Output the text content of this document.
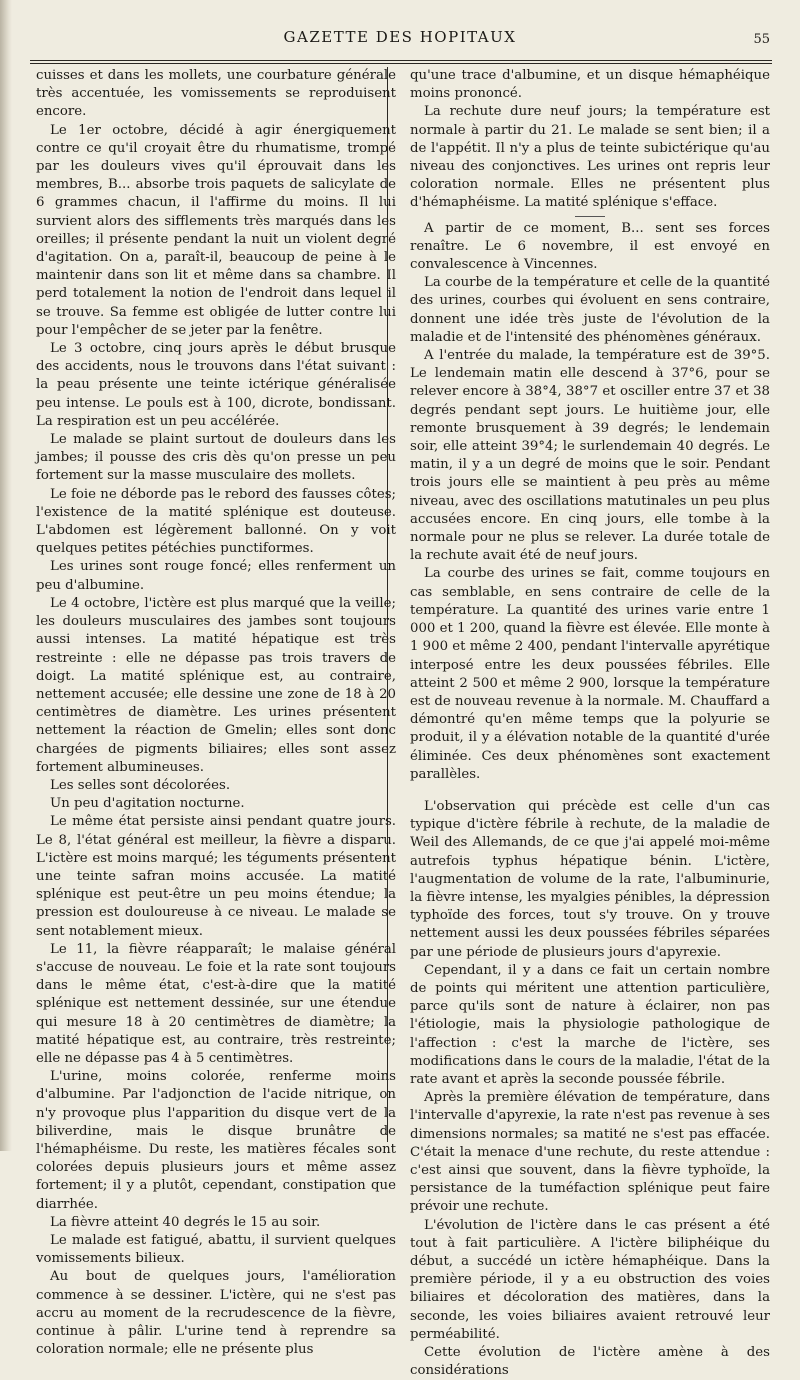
GAZETTE DES HOPITAUX	55

cuisses et dans les mollets, une courbature générale très accentuée, les vomissements se reproduisent encore.

Le 1er octobre, décidé à agir énergiquement contre ce qu'il croyait être du rhumatisme, trompé par les douleurs vives qu'il éprouvait dans les membres, B... absorbe trois paquets de salicylate de 6 grammes chacun, il l'affirme du moins. Il lui survient alors des sifflements très marqués dans les oreilles; il présente pendant la nuit un violent degré d'agitation. On a, paraît-il, beaucoup de peine à le maintenir dans son lit et même dans sa chambre. Il perd totalement la notion de l'endroit dans lequel il se trouve. Sa femme est obligée de lutter contre lui pour l'empêcher de se jeter par la fenêtre.

Le 3 octobre, cinq jours après le début brusque des accidents, nous le trouvons dans l'état suivant : la peau présente une teinte ictérique généralisée peu intense. Le pouls est à 100, dicrote, bondissant. La respiration est un peu accélérée.

Le malade se plaint surtout de douleurs dans les jambes; il pousse des cris dès qu'on presse un peu fortement sur la masse musculaire des mollets.

Le foie ne déborde pas le rebord des fausses côtes; l'existence de la matité splénique est douteuse. L'abdomen est légèrement ballonné. On y voit quelques petites pétéchies punctiformes.

Les urines sont rouge foncé; elles renferment un peu d'albumine.

Le 4 octobre, l'ictère est plus marqué que la veille; les douleurs musculaires des jambes sont toujours aussi intenses. La matité hépatique est très restreinte : elle ne dépasse pas trois travers de doigt. La matité splénique est, au contraire, nettement accusée; elle dessine une zone de 18 à 20 centimètres de diamètre. Les urines présentent nettement la réaction de Gmelin; elles sont donc chargées de pigments biliaires; elles sont assez fortement albumineuses.

Les selles sont décolorées.

Un peu d'agitation nocturne.

Le même état persiste ainsi pendant quatre jours. Le 8, l'état général est meilleur, la fièvre a disparu. L'ictère est moins marqué; les téguments présentent une teinte safran moins accusée. La matité splénique est peut-être un peu moins étendue; la pression est douloureuse à ce niveau. Le malade se sent notablement mieux.

Le 11, la fièvre réapparaît; le malaise général s'accuse de nouveau. Le foie et la rate sont toujours dans le même état, c'est-à-dire que la matité splénique est nettement dessinée, sur une étendue qui mesure 18 à 20 centimètres de diamètre; la matité hépatique est, au contraire, très restreinte; elle ne dépasse pas 4 à 5 centimètres.

L'urine, moins colorée, renferme moins d'albumine. Par l'adjonction de l'acide nitrique, on n'y provoque plus l'apparition du disque vert de la biliverdine, mais le disque brunâtre de l'hémaphéisme. Du reste, les matières fécales sont colorées depuis plusieurs jours et même assez fortement; il y a plutôt, cependant, constipation que diarrhée.

La fièvre atteint 40 degrés le 15 au soir.

Le malade est fatigué, abattu, il survient quelques vomissements bilieux.

Au bout de quelques jours, l'amélioration commence à se dessiner. L'ictère, qui ne s'est pas accru au moment de la recrudescence de la fièvre, continue à pâlir. L'urine tend à reprendre sa coloration normale; elle ne présente plus

qu'une trace d'albumine, et un disque hémaphéique moins prononcé.

La rechute dure neuf jours; la température est normale à partir du 21. Le malade se sent bien; il a de l'appétit. Il n'y a plus de teinte subictérique qu'au niveau des conjonctives. Les urines ont repris leur coloration normale. Elles ne présentent plus d'hémaphéisme. La matité splénique s'efface.

A partir de ce moment, B... sent ses forces renaître. Le 6 novembre, il est envoyé en convalescence à Vincennes.

La courbe de la température et celle de la quantité des urines, courbes qui évoluent en sens contraire, donnent une idée très juste de l'évolution de la maladie et de l'intensité des phénomènes généraux.

A l'entrée du malade, la température est de 39°5. Le lendemain matin elle descend à 37°6, pour se relever encore à 38°4, 38°7 et osciller entre 37 et 38 degrés pendant sept jours. Le huitième jour, elle remonte brusquement à 39 degrés; le lendemain soir, elle atteint 39°4; le surlendemain 40 degrés. Le matin, il y a un degré de moins que le soir. Pendant trois jours elle se maintient à peu près au même niveau, avec des oscillations matutinales un peu plus accusées encore. En cinq jours, elle tombe à la normale pour ne plus se relever. La durée totale de la rechute avait été de neuf jours.

La courbe des urines se fait, comme toujours en cas semblable, en sens contraire de celle de la température. La quantité des urines varie entre 1 000 et 1 200, quand la fièvre est élevée. Elle monte à 1 900 et même 2 400, pendant l'intervalle apyrétique interposé entre les deux poussées fébriles. Elle atteint 2 500 et même 2 900, lorsque la température est de nouveau revenue à la normale. M. Chauffard a démontré qu'en même temps que la polyurie se produit, il y a élévation notable de la quantité d'urée éliminée. Ces deux phénomènes sont exactement parallèles.

L'observation qui précède est celle d'un cas typique d'ictère fébrile à rechute, de la maladie de Weil des Allemands, de ce que j'ai appelé moi-même autrefois typhus hépatique bénin. L'ictère, l'augmentation de volume de la rate, l'albuminurie, la fièvre intense, les myalgies pénibles, la dépression typhoïde des forces, tout s'y trouve. On y trouve nettement aussi les deux poussées fébriles séparées par une période de plusieurs jours d'apyrexie.

Cependant, il y a dans ce fait un certain nombre de points qui méritent une attention particulière, parce qu'ils sont de nature à éclairer, non pas l'étiologie, mais la physiologie pathologique de l'affection : c'est la marche de l'ictère, ses modifications dans le cours de la maladie, l'état de la rate avant et après la seconde poussée fébrile.

Après la première élévation de température, dans l'intervalle d'apyrexie, la rate n'est pas revenue à ses dimensions normales; sa matité ne s'est pas effacée. C'était la menace d'une rechute, du reste attendue : c'est ainsi que souvent, dans la fièvre typhoïde, la persistance de la tuméfaction splénique peut faire prévoir une rechute.

L'évolution de l'ictère dans le cas présent a été tout à fait particulière. A l'ictère biliphéique du début, a succédé un ictère hémaphéique. Dans la première période, il y a eu obstruction des voies biliaires et décoloration des matières, dans la seconde, les voies biliaires avaient retrouvé leur perméabilité.

Cette évolution de l'ictère amène à des considérations
